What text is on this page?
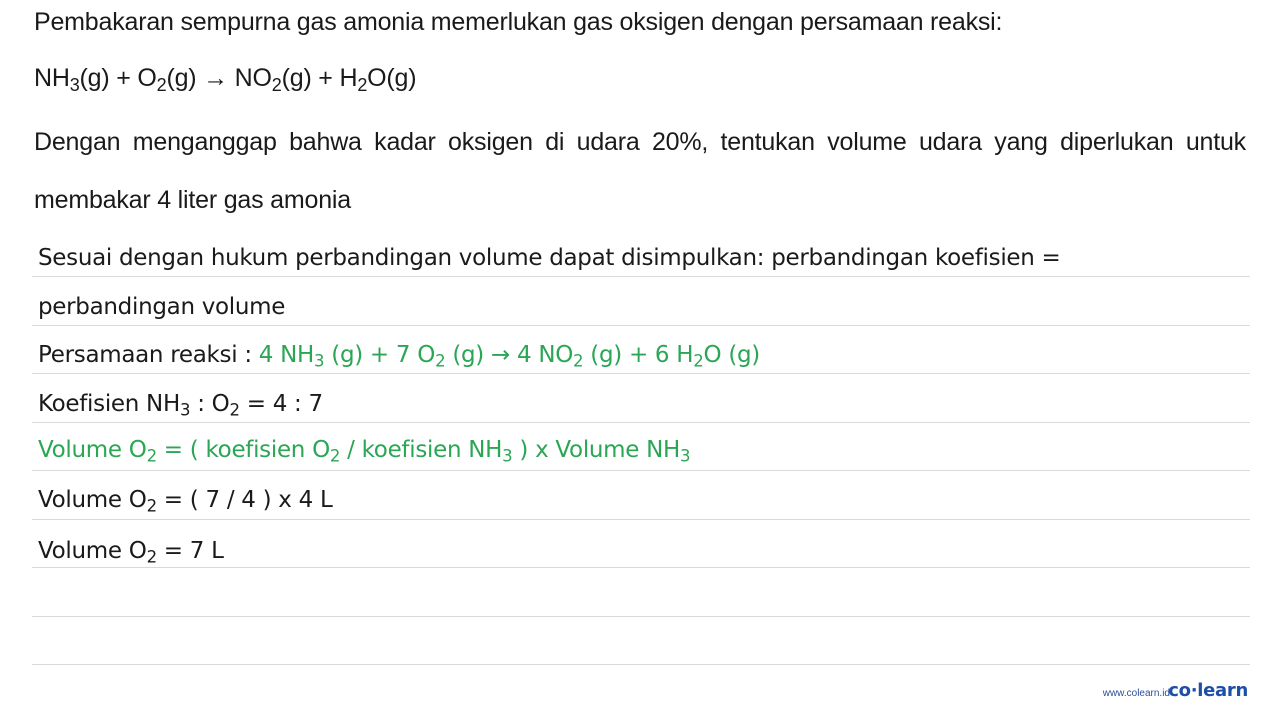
Pembakaran sempurna gas amonia memerlukan gas oksigen dengan persamaan reaksi:
$NH_3(g) + O_2(g) \to NO_2(g) + H_2O(g)$
Dengan menganggap bahwa kadar oksigen di udara 20%, tentukan volume udara yang diperlukan untuk
membakar 4 liter gas amonia
Sesuai dengan hukum perbandingan volume dapat disimpulkan: perbandingan koefisien =
perbandingan volume
Persamaan reaksi : 4 $NH_3$ (g) + 7 $O_2$ (g) → 4 $NO_2$ (g) + 6 $H_2O$ (g)
Koefisien $NH_3$ : $O_2 = 4$ : 7
Volume $O_2$ = ( koefisien $O_2$ / koefisien $NH_3$ ) x Volume $NH_3$
Volume $O_2$ = ( 7 / 4 ) x 4 L
Volume $O_2 = 7$ L
www.colearn.id
co·learn
